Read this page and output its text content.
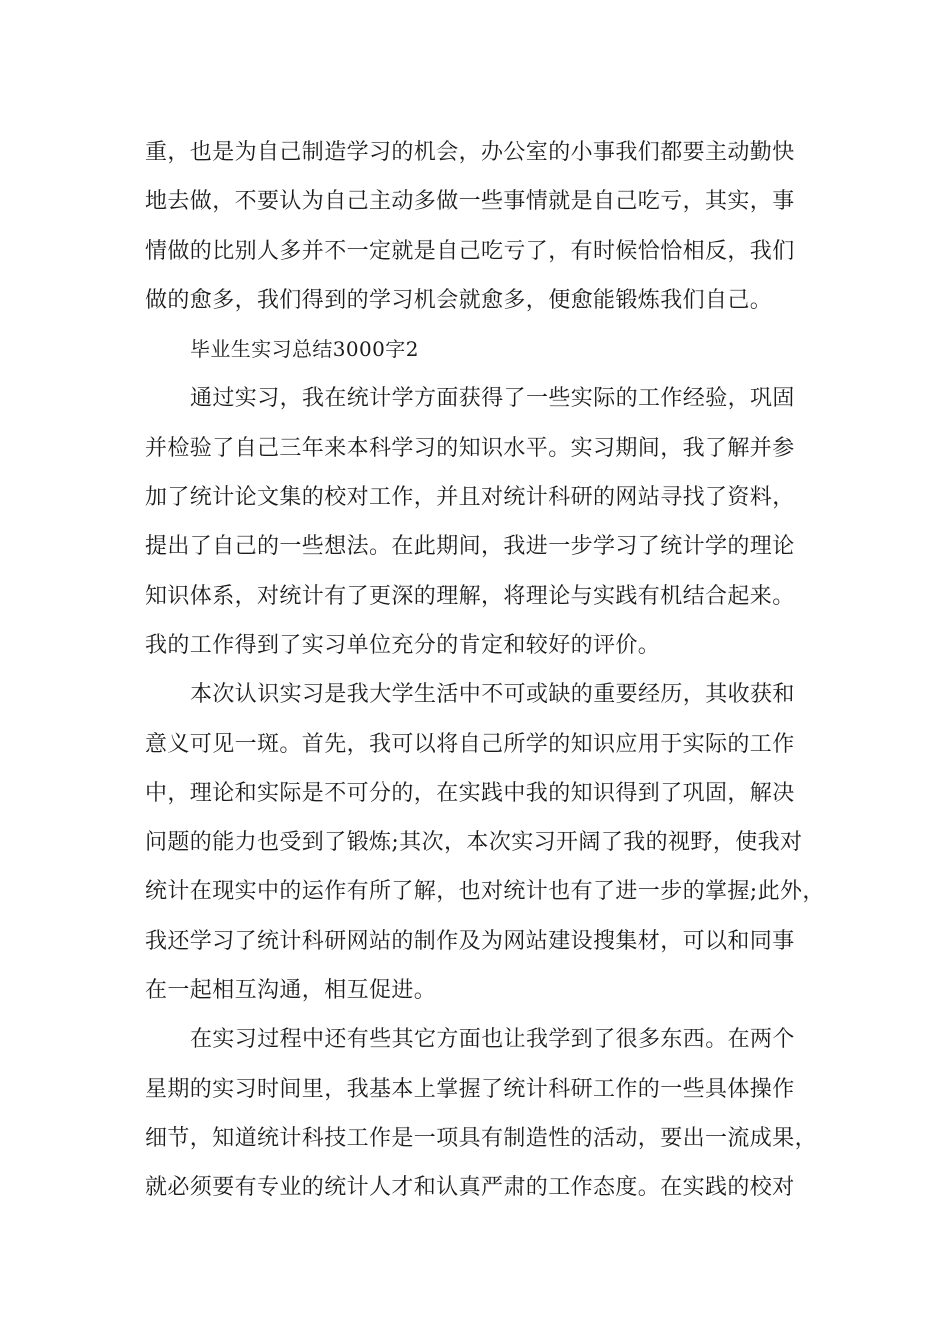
重，也是为自己制造学习的机会，办公室的小事我们都要主动勤快
地去做，不要认为自己主动多做一些事情就是自己吃亏，其实，事
情做的比别人多并不一定就是自己吃亏了，有时候恰恰相反，我们
做的愈多，我们得到的学习机会就愈多，便愈能锻炼我们自己。
毕业生实习总结3000字2
通过实习，我在统计学方面获得了一些实际的工作经验，巩固
并检验了自己三年来本科学习的知识水平。实习期间，我了解并参
加了统计论文集的校对工作，并且对统计科研的网站寻找了资料，
提出了自己的一些想法。在此期间，我进一步学习了统计学的理论
知识体系，对统计有了更深的理解，将理论与实践有机结合起来。
我的工作得到了实习单位充分的肯定和较好的评价。
本次认识实习是我大学生活中不可或缺的重要经历，其收获和
意义可见一斑。首先，我可以将自己所学的知识应用于实际的工作
中，理论和实际是不可分的，在实践中我的知识得到了巩固，解决
问题的能力也受到了锻炼;其次，本次实习开阔了我的视野，使我对
统计在现实中的运作有所了解，也对统计也有了进一步的掌握;此外，
我还学习了统计科研网站的制作及为网站建设搜集材，可以和同事
在一起相互沟通，相互促进。
在实习过程中还有些其它方面也让我学到了很多东西。在两个
星期的实习时间里，我基本上掌握了统计科研工作的一些具体操作
细节，知道统计科技工作是一项具有制造性的活动，要出一流成果，
就必须要有专业的统计人才和认真严肃的工作态度。在实践的校对
